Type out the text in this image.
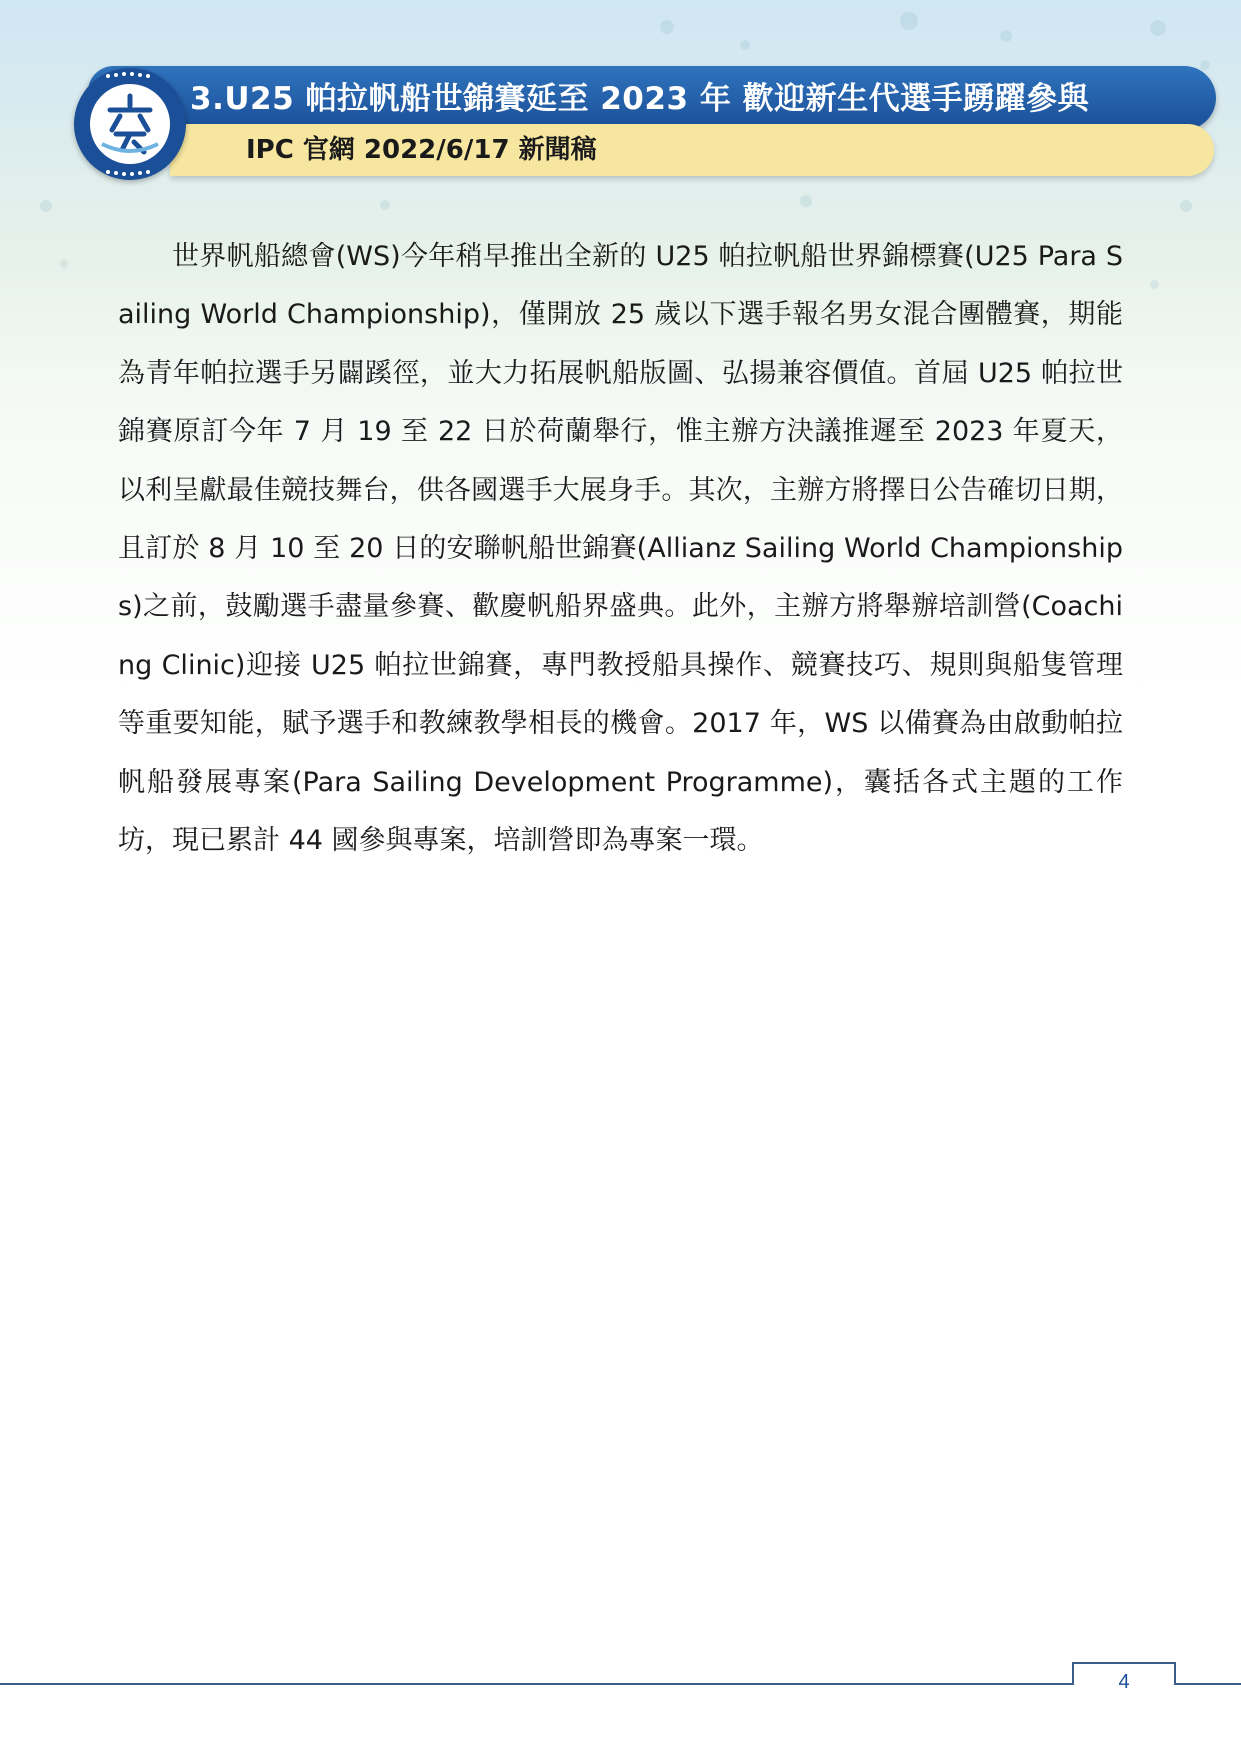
3.U25 帕拉帆船世錦賽延至 2023 年 歡迎新生代選手踴躍參與
IPC 官網 2022/6/17 新聞稿

世界帆船總會(WS)今年稍早推出全新的 U25 帕拉帆船世界錦標賽(U25 Para Sailing World Championship)，僅開放 25 歲以下選手報名男女混合團體賽，期能為青年帕拉選手另闢蹊徑，並大力拓展帆船版圖、弘揚兼容價值。首屆 U25 帕拉世錦賽原訂今年 7 月 19 至 22 日於荷蘭舉行，惟主辦方決議推遲至 2023 年夏天，以利呈獻最佳競技舞台，供各國選手大展身手。其次，主辦方將擇日公告確切日期，且訂於 8 月 10 至 20 日的安聯帆船世錦賽(Allianz Sailing World Championships)之前，鼓勵選手盡量參賽、歡慶帆船界盛典。此外，主辦方將舉辦培訓營(Coaching Clinic)迎接 U25 帕拉世錦賽，專門教授船具操作、競賽技巧、規則與船隻管理等重要知能，賦予選手和教練教學相長的機會。2017 年，WS 以備賽為由啟動帕拉帆船發展專案(Para Sailing Development Programme)，囊括各式主題的工作坊，現已累計 44 國參與專案，培訓營即為專案一環。

4
